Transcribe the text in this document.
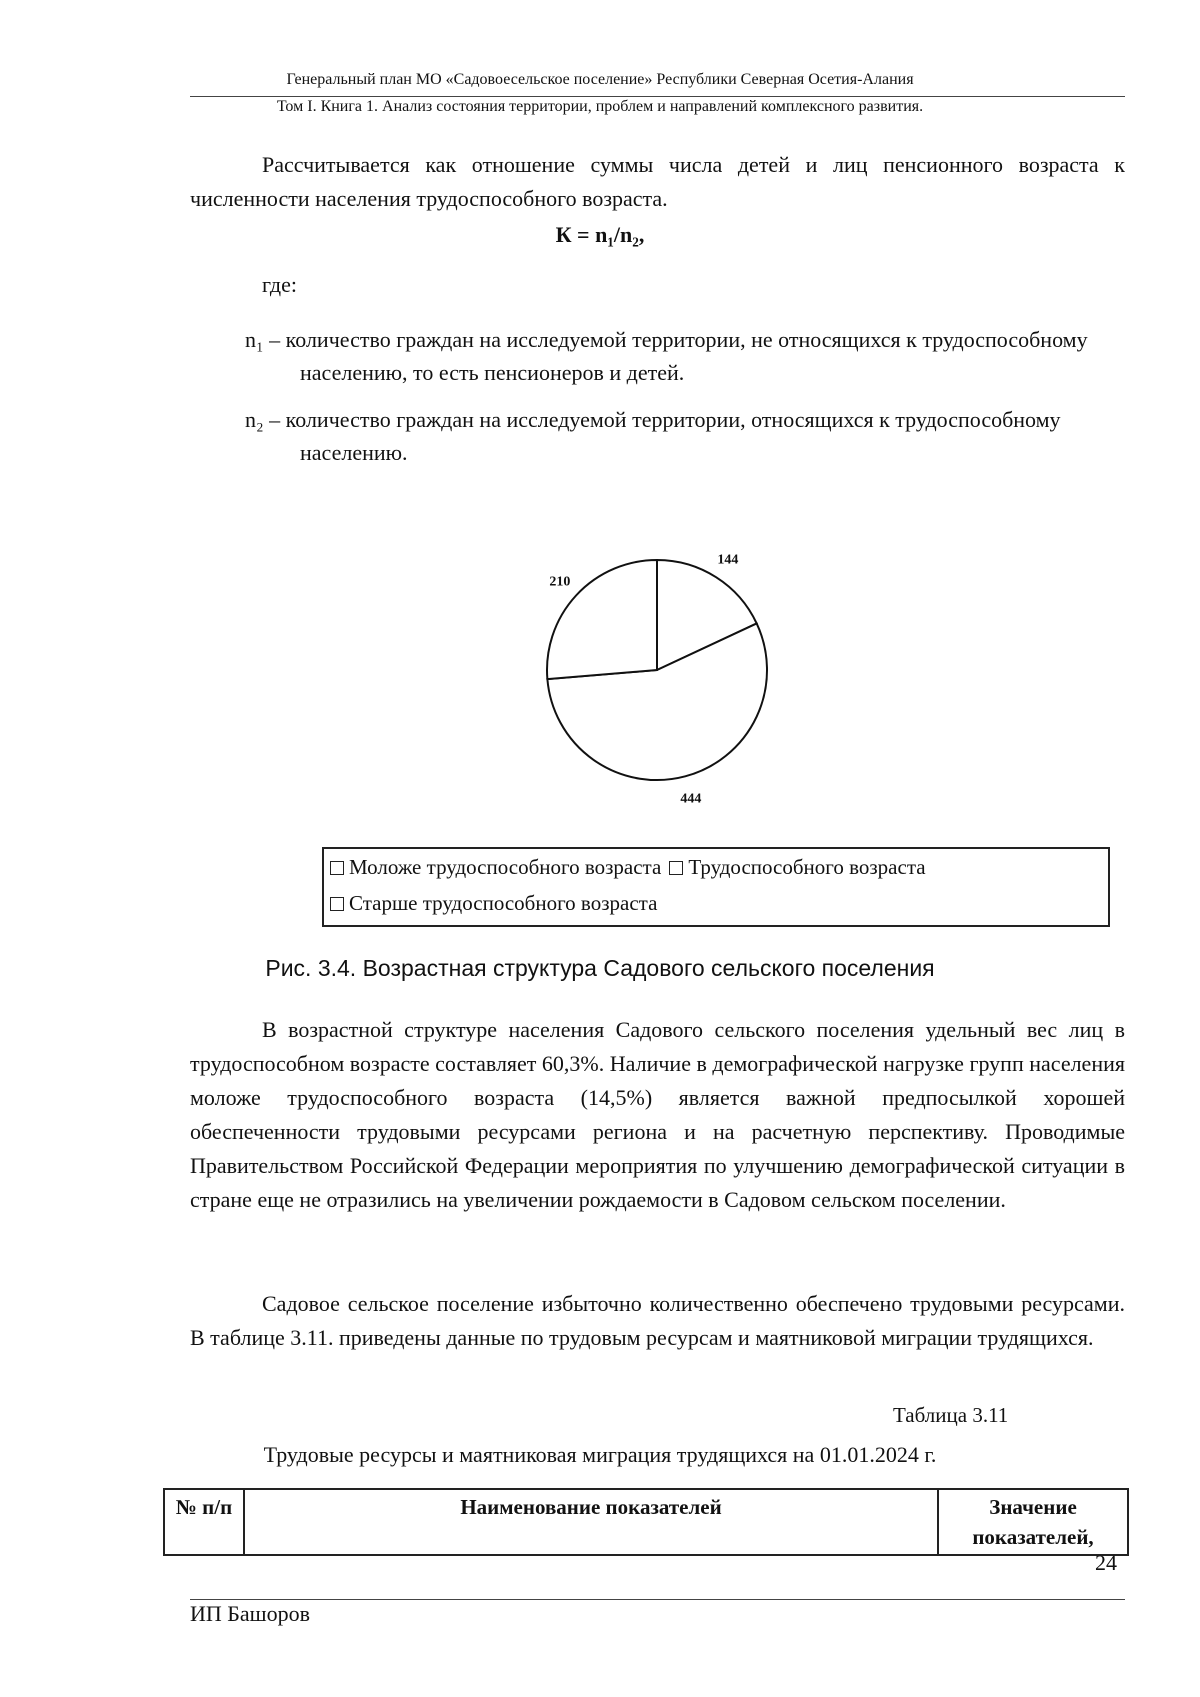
Генеральный план МО «Садовоесельское поселение» Республики Северная Осетия-Алания
Том I. Книга 1. Анализ состояния территории, проблем и направлений комплексного развития.
Рассчитывается как отношение суммы числа детей и лиц пенсионного возраста к численности населения трудоспособного возраста.
К = n₁/n₂,
где:
n₁ – количество граждан на исследуемой территории, не относящихся к трудоспособному населению, то есть пенсионеров и детей.
n₂ – количество граждан на исследуемой территории, относящихся к трудоспособному населению.
144
444
210
Моложе трудоспособного возраста Трудоспособного возраста
Старше трудоспособного возраста
Рис. 3.4. Возрастная структура Садового сельского поселения
В возрастной структуре населения Садового сельского поселения удельный вес лиц в трудоспособном возрасте составляет 60,3%. Наличие в демографической нагрузке групп населения моложе трудоспособного возраста (14,5%) является важной предпосылкой хорошей обеспеченности трудовыми ресурсами региона и на расчетную перспективу. Проводимые Правительством Российской Федерации мероприятия по улучшению демографической ситуации в стране еще не отразились на увеличении рождаемости в Садовом сельском поселении.
Садовое сельское поселение избыточно количественно обеспечено трудовыми ресурсами. В таблице 3.11. приведены данные по трудовым ресурсам и маятниковой миграции трудящихся.
Таблица 3.11
Трудовые ресурсы и маятниковая миграция трудящихся на 01.01.2024 г.
№ п/п	Наименование показателей	Значение показателей,
24
ИП Башоров
